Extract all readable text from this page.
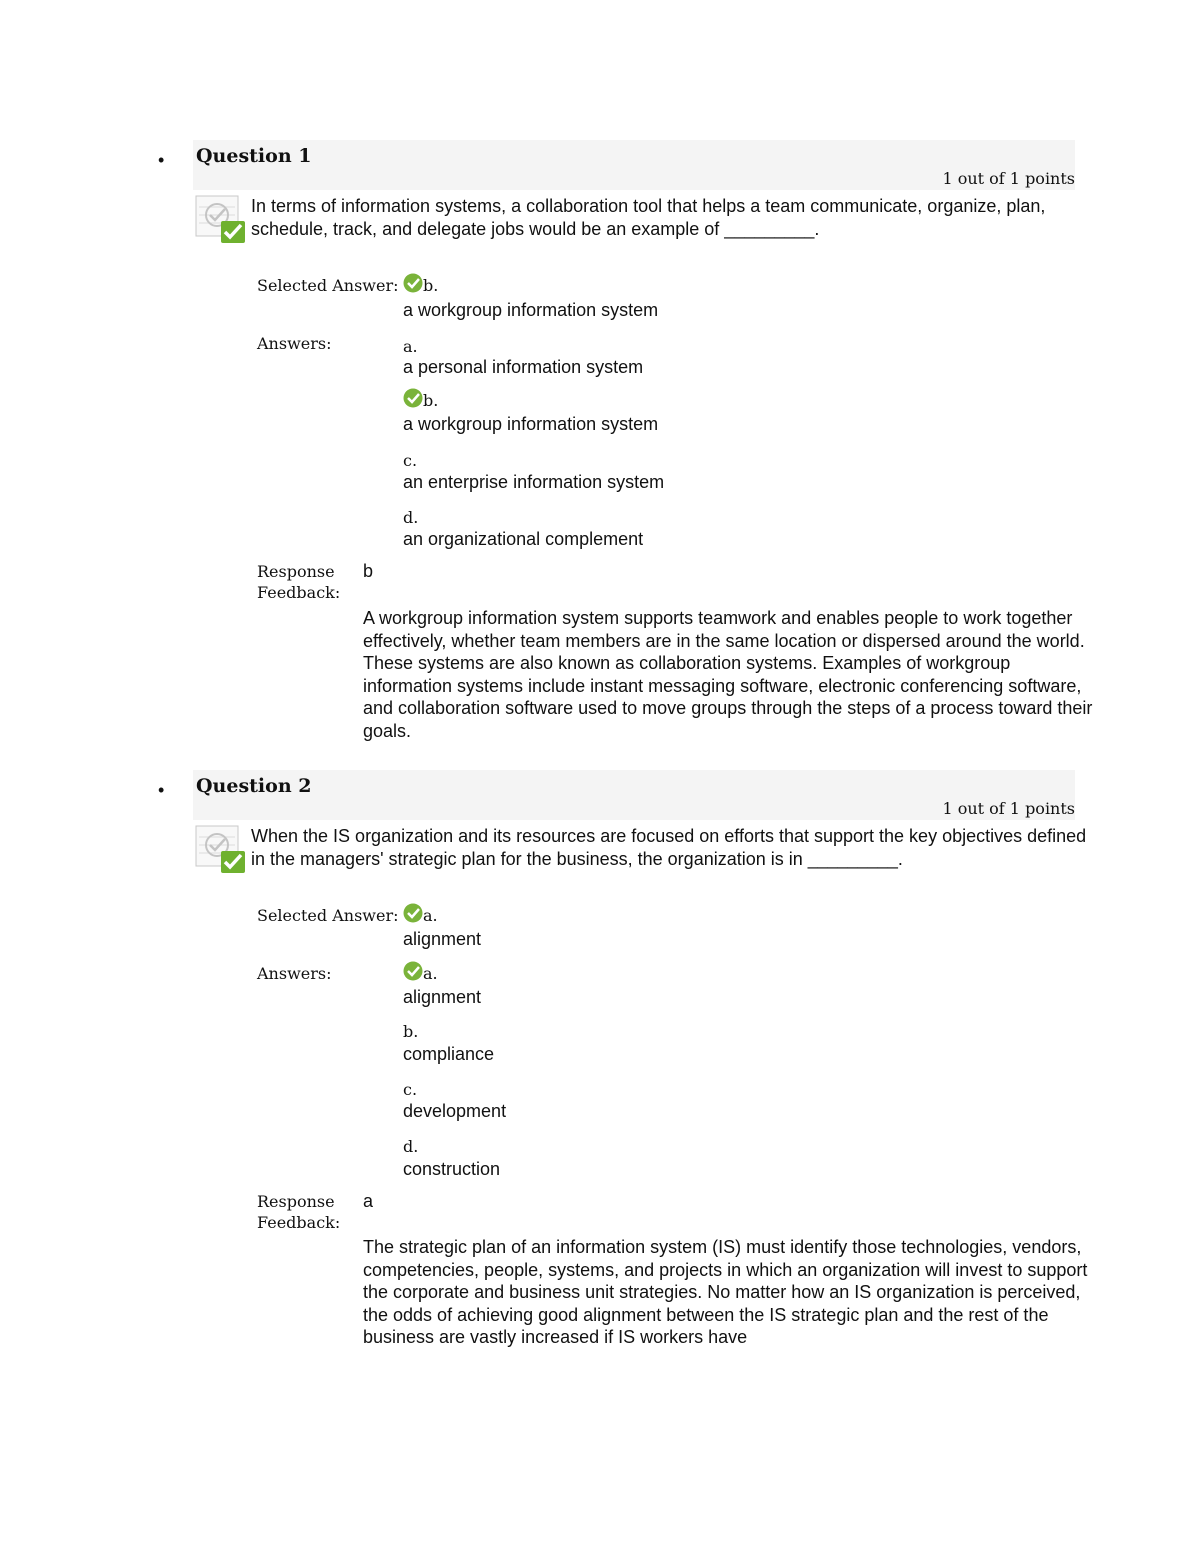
• Question 1
1 out of 1 points
In terms of information systems, a collaboration tool that helps a team communicate, organize, plan, schedule, track, and delegate jobs would be an example of _________.
Selected Answer:	b.
a workgroup information system
Answers:	a.
a personal information system
b.
a workgroup information system
c.
an enterprise information system
d.
an organizational complement
Response
Feedback:
b
A workgroup information system supports teamwork and enables people to work together effectively, whether team members are in the same location or dispersed around the world. These systems are also known as collaboration systems. Examples of workgroup information systems include instant messaging software, electronic conferencing software, and collaboration software used to move groups through the steps of a process toward their goals.
• Question 2
1 out of 1 points
When the IS organization and its resources are focused on efforts that support the key objectives defined in the managers' strategic plan for the business, the organization is in _________.
Selected Answer:	a.
alignment
Answers:	a.
alignment
b.
compliance
c.
development
d.
construction
Response
Feedback:
a
The strategic plan of an information system (IS) must identify those technologies, vendors, competencies, people, systems, and projects in which an organization will invest to support the corporate and business unit strategies. No matter how an IS organization is perceived, the odds of achieving good alignment between the IS strategic plan and the rest of the business are vastly increased if IS workers have
